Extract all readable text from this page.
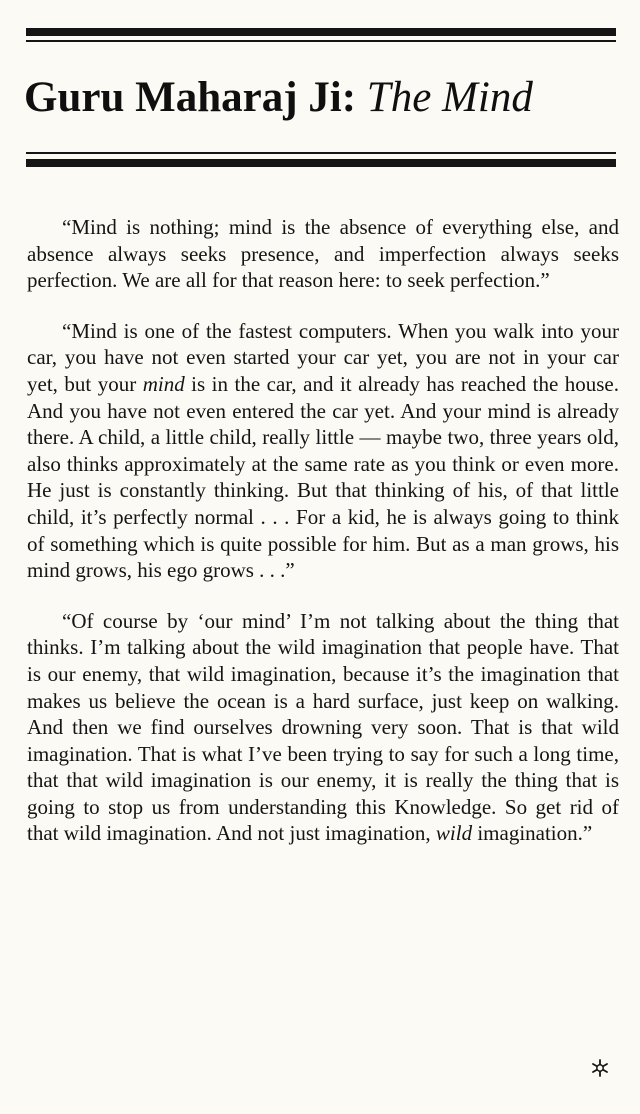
Guru Maharaj Ji: The Mind

“Mind is nothing; mind is the absence of everything else, and absence always seeks presence, and imperfection always seeks perfection. We are all for that reason here: to seek perfection.”

“Mind is one of the fastest computers. When you walk into your car, you have not even started your car yet, you are not in your car yet, but your mind is in the car, and it already has reached the house. And you have not even entered the car yet. And your mind is already there. A child, a little child, really little — maybe two, three years old, also thinks approximately at the same rate as you think or even more. He just is constantly thinking. But that thinking of his, of that little child, it’s perfectly normal . . . For a kid, he is always going to think of something which is quite possible for him. But as a man grows, his mind grows, his ego grows . . .”

“Of course by ‘our mind’ I’m not talking about the thing that thinks. I’m talking about the wild imagination that people have. That is our enemy, that wild imagination, because it’s the imagination that makes us believe the ocean is a hard surface, just keep on walking. And then we find ourselves drowning very soon. That is that wild imagination. That is what I’ve been trying to say for such a long time, that that wild imagination is our enemy, it is really the thing that is going to stop us from understanding this Knowledge. So get rid of that wild imagination. And not just imagination, wild imagination.”
